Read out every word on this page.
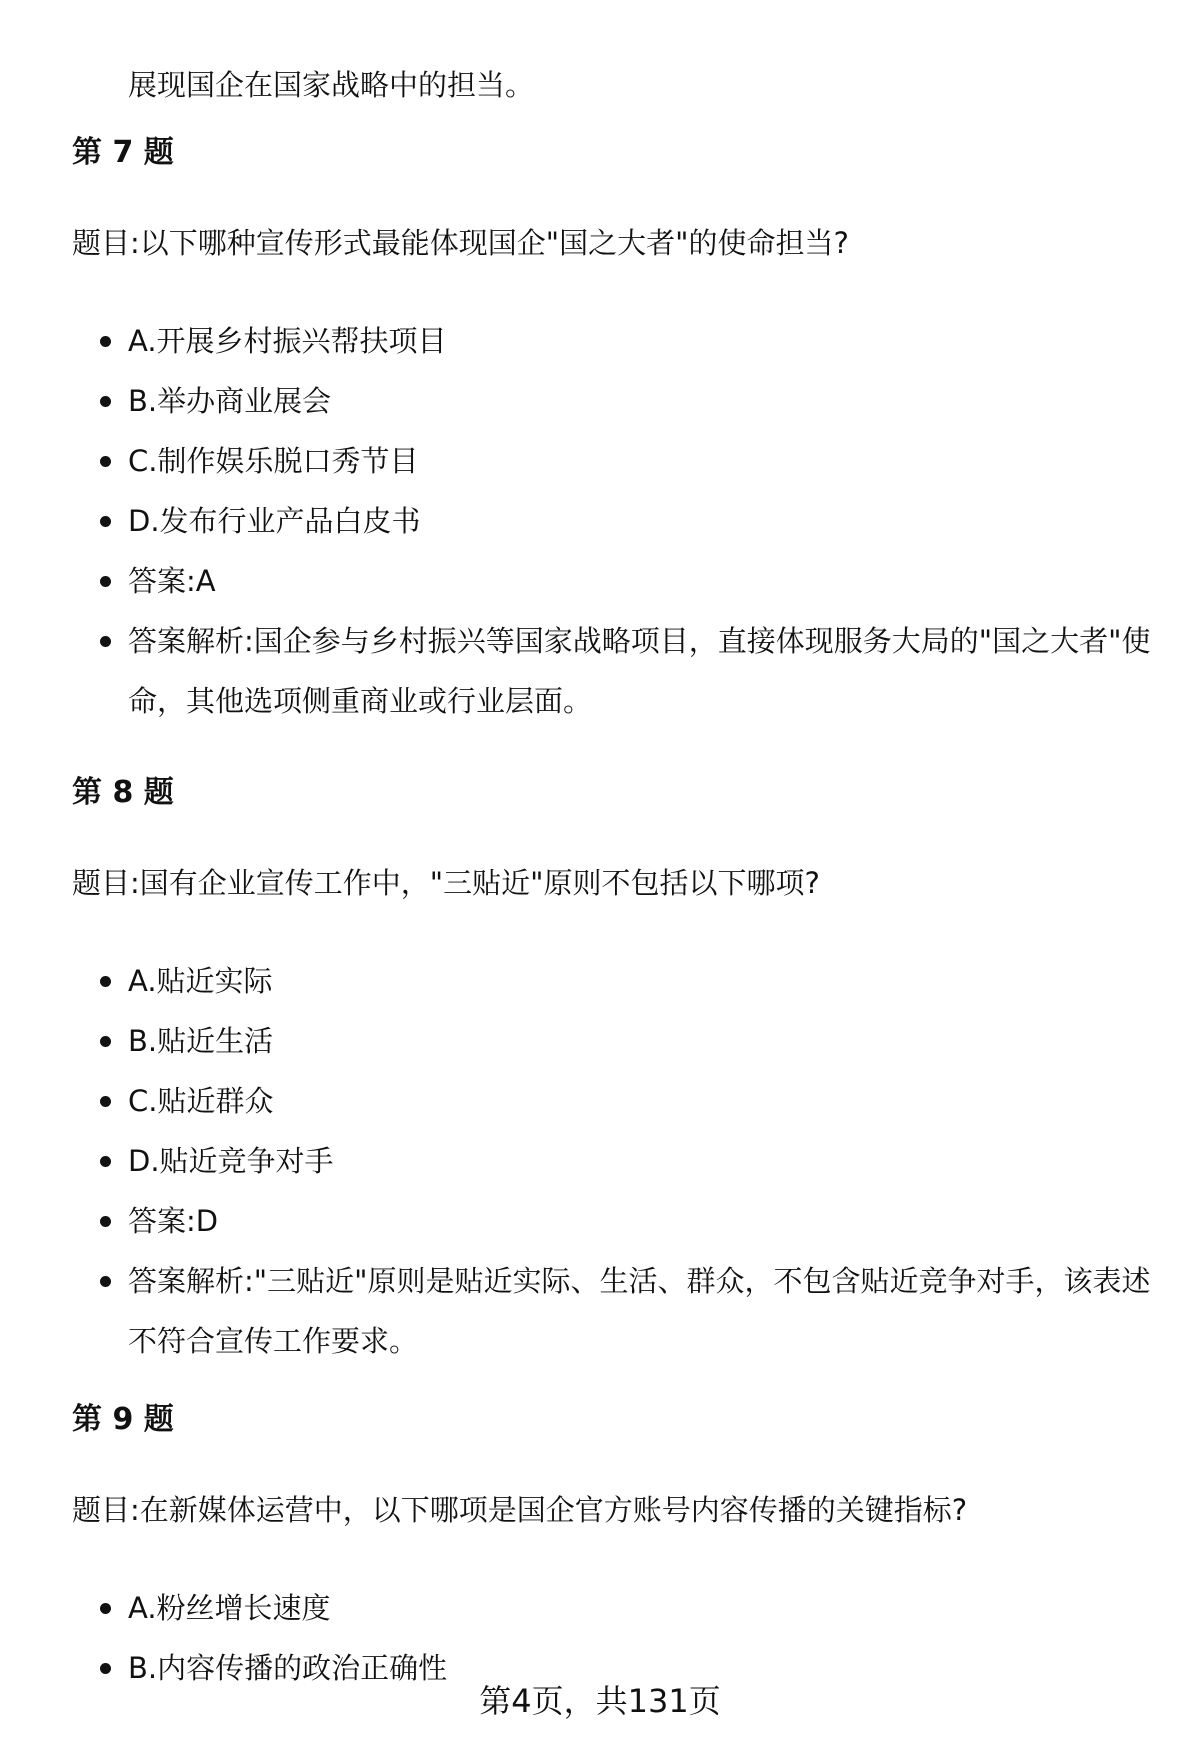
展现国企在国家战略中的担当。

第 7 题

题目:以下哪种宣传形式最能体现国企"国之大者"的使命担当?

A.开展乡村振兴帮扶项目
B.举办商业展会
C.制作娱乐脱口秀节目
D.发布行业产品白皮书
答案:A
答案解析:国企参与乡村振兴等国家战略项目，直接体现服务大局的"国之大者"使命，其他选项侧重商业或行业层面。
第 8 题

题目:国有企业宣传工作中，"三贴近"原则不包括以下哪项?

A.贴近实际
B.贴近生活
C.贴近群众
D.贴近竞争对手
答案:D
答案解析:"三贴近"原则是贴近实际、生活、群众，不包含贴近竞争对手，该表述不符合宣传工作要求。
第 9 题

题目:在新媒体运营中，以下哪项是国企官方账号内容传播的关键指标?

A.粉丝增长速度
B.内容传播的政治正确性
第4页，共131页
